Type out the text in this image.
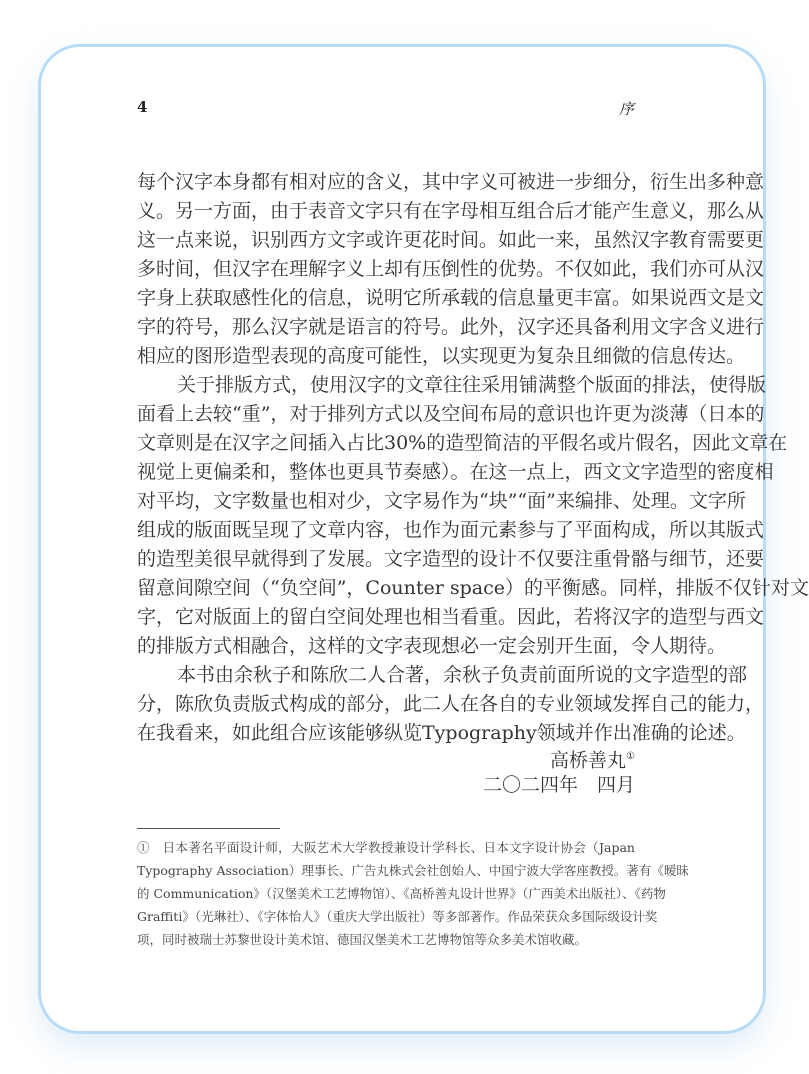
4	序
每个汉字本身都有相对应的含义，其中字义可被进一步细分，衍生出多种意
义。另一方面，由于表音文字只有在字母相互组合后才能产生意义，那么从
这一点来说，识别西方文字或许更花时间。如此一来，虽然汉字教育需要更
多时间，但汉字在理解字义上却有压倒性的优势。不仅如此，我们亦可从汉
字身上获取感性化的信息，说明它所承载的信息量更丰富。如果说西文是文
字的符号，那么汉字就是语言的符号。此外，汉字还具备利用文字含义进行
相应的图形造型表现的高度可能性，以实现更为复杂且细微的信息传达。
关于排版方式，使用汉字的文章往往采用铺满整个版面的排法，使得版
面看上去较“重”，对于排列方式以及空间布局的意识也许更为淡薄（日本的
文章则是在汉字之间插入占比30%的造型简洁的平假名或片假名，因此文章在
视觉上更偏柔和，整体也更具节奏感）。在这一点上，西文文字造型的密度相
对平均，文字数量也相对少，文字易作为“块”“面”来编排、处理。文字所
组成的版面既呈现了文章内容，也作为面元素参与了平面构成，所以其版式
的造型美很早就得到了发展。文字造型的设计不仅要注重骨骼与细节，还要
留意间隙空间（“负空间”，Counter space）的平衡感。同样，排版不仅针对文
字，它对版面上的留白空间处理也相当看重。因此，若将汉字的造型与西文
的排版方式相融合，这样的文字表现想必一定会别开生面，令人期待。
本书由余秋子和陈欣二人合著，余秋子负责前面所说的文字造型的部
分，陈欣负责版式构成的部分，此二人在各自的专业领域发挥自己的能力，
在我看来，如此组合应该能够纵览Typography领域并作出准确的论述。
高桥善丸①
二〇二四年　四月
①　日本著名平面设计师，大阪艺术大学教授兼设计学科长、日本文字设计协会（Japan
Typography Association）理事长、广告丸株式会社创始人、中国宁波大学客座教授。著有《暧昧
的 Communication》（汉堡美术工艺博物馆）、《高桥善丸设计世界》（广西美术出版社）、《药物
Graffiti》（光琳社）、《字体怡人》（重庆大学出版社）等多部著作。作品荣获众多国际级设计奖
项，同时被瑞士苏黎世设计美术馆、德国汉堡美术工艺博物馆等众多美术馆收藏。
